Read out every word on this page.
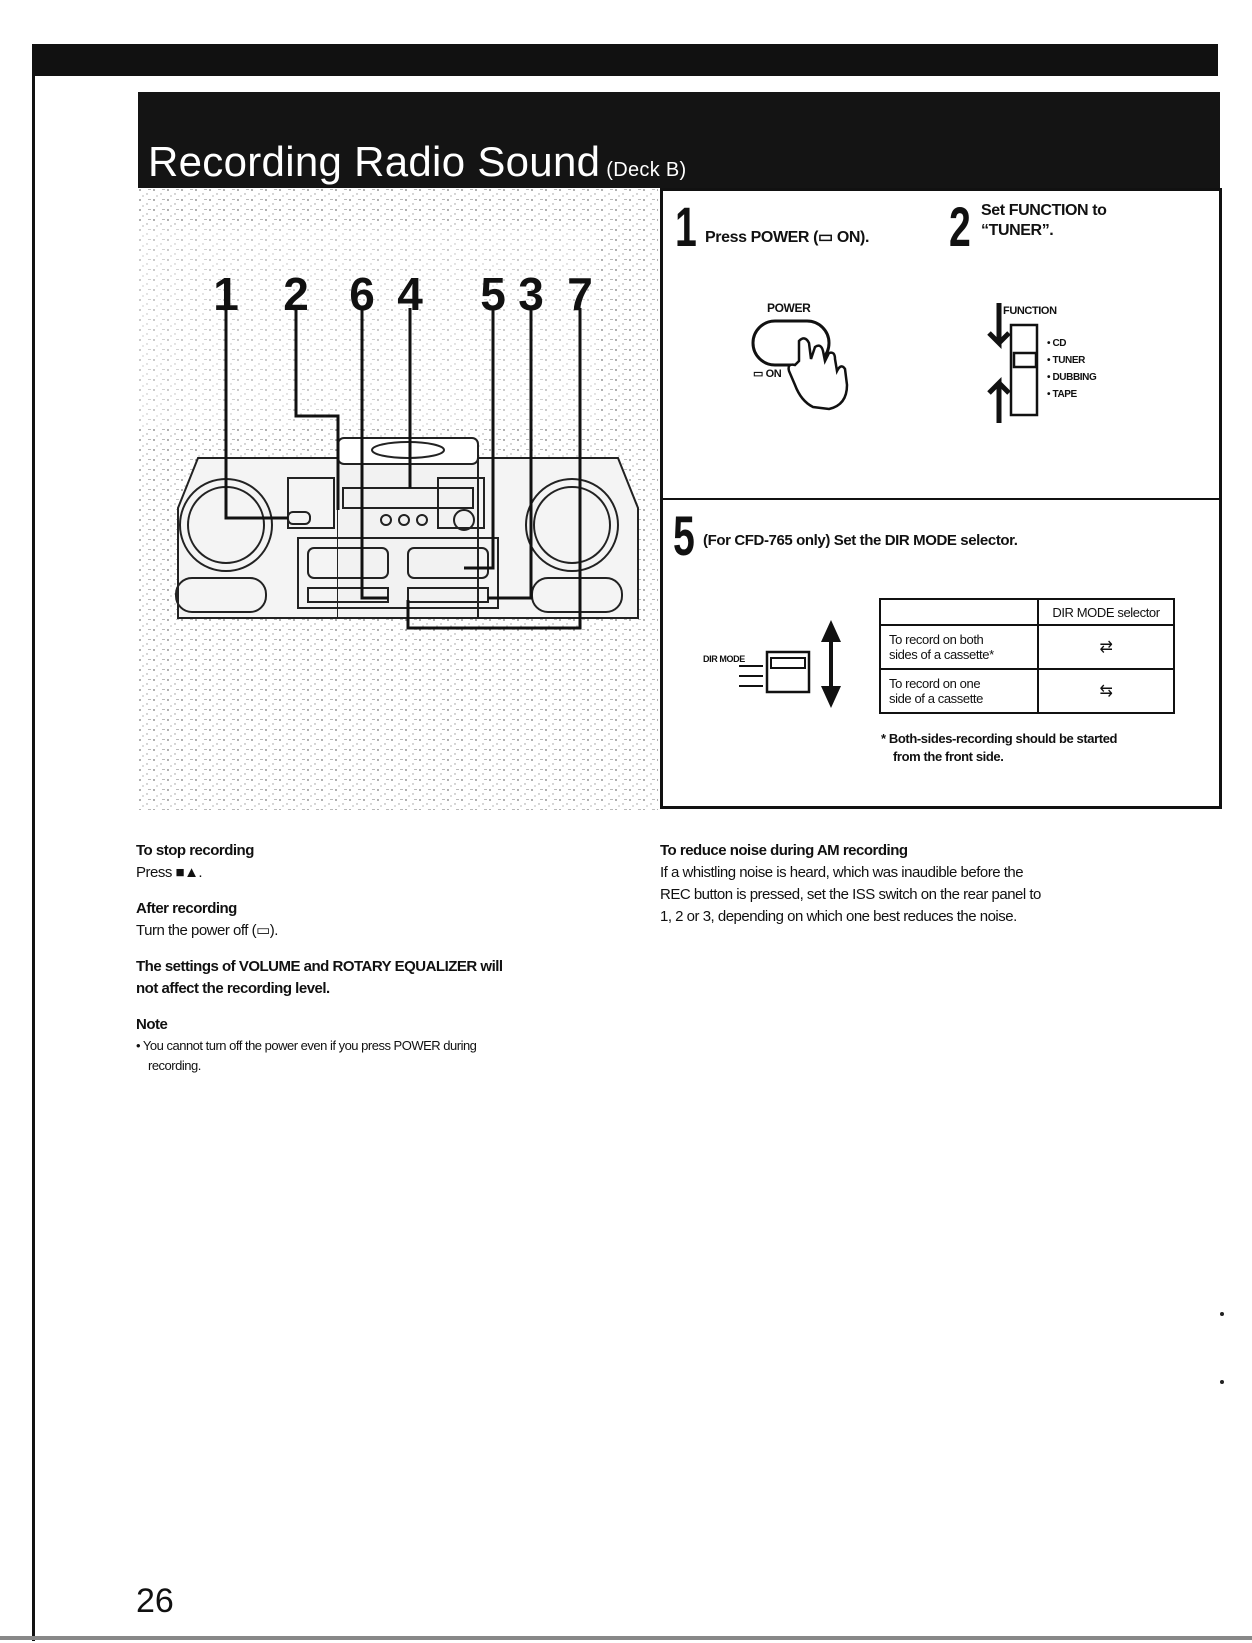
Recording Radio Sound (Deck B)
1 2 6 4 5 3 7
1 Press POWER (▭ ON). 2 Set FUNCTION to
“TUNER”.
POWER
▭ ON
FUNCTION
• CD
• TUNER
• DUBBING
• TAPE
5 (For CFD-765 only) Set the DIR MODE selector.
DIR MODE
	DIR MODE selector

To record on both
sides of a cassette*	⇄

To record on one
side of a cassette	⇆
* Both-sides-recording should be started
from the front side.
To stop recording
Press ■▲.
After recording
Turn the power off (▭).
The settings of VOLUME and ROTARY EQUALIZER will
not affect the recording level.
Note
• You cannot turn off the power even if you press POWER during
recording.
To reduce noise during AM recording
If a whistling noise is heard, which was inaudible before the
REC button is pressed, set the ISS switch on the rear panel to
1, 2 or 3, depending on which one best reduces the noise.
26
